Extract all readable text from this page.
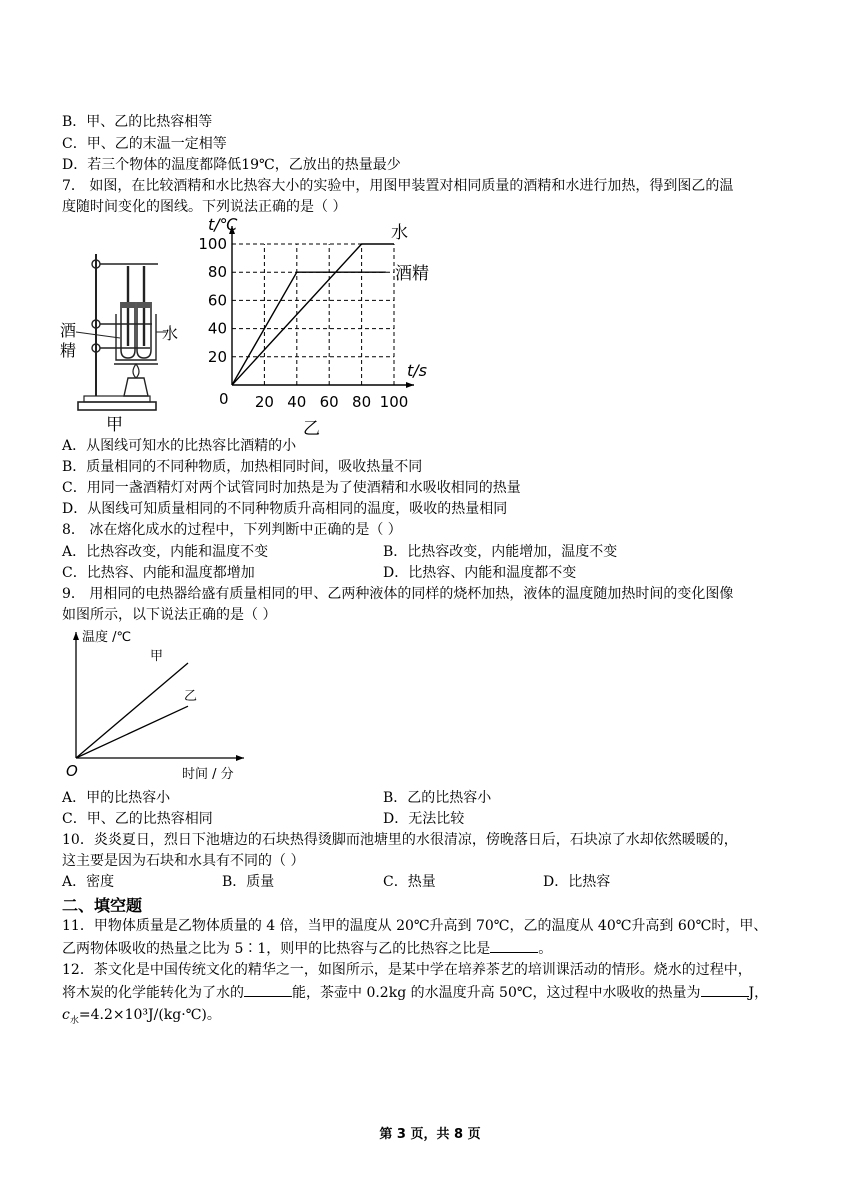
B．甲、乙的比热容相等
C．甲、乙的末温一定相等
D．若三个物体的温度都降低19℃，乙放出的热量最少
7． 如图，在比较酒精和水比热容大小的实验中，用图甲装置对相同质量的酒精和水进行加热，得到图乙的温
度随时间变化的图线。下列说法正确的是（ ）
酒
精
水
甲
20 40 60 80 100
20
40
60
80
100
t/℃
t/s
0
乙
水
酒精
A．从图线可知水的比热容比酒精的小
B．质量相同的不同种物质，加热相同时间，吸收热量不同
C．用同一盏酒精灯对两个试管同时加热是为了使酒精和水吸收相同的热量
D．从图线可知质量相同的不同种物质升高相同的温度，吸收的热量相同
8． 冰在熔化成水的过程中，下列判断中正确的是（ ）
A．比热容改变，内能和温度不变	B．比热容改变，内能增加，温度不变
C．比热容、内能和温度都增加	D．比热容、内能和温度都不变
9． 用相同的电热器给盛有质量相同的甲、乙两种液体的同样的烧杯加热，液体的温度随加热时间的变化图像
如图所示，以下说法正确的是（ ）
温度 /℃
时间 / 分
O
甲
乙
A．甲的比热容小	B．乙的比热容小
C．甲、乙的比热容相同	D．无法比较
10．炎炎夏日，烈日下池塘边的石块热得烫脚而池塘里的水很清凉，傍晚落日后，石块凉了水却依然暖暖的，
这主要是因为石块和水具有不同的（ ）
A．密度	B．质量	C．热量	D．比热容
二、填空题
11．甲物体质量是乙物体质量的 4 倍，当甲的温度从 20℃升高到 70℃，乙的温度从 40℃升高到 60℃时，甲、
乙两物体吸收的热量之比为 5∶1，则甲的比热容与乙的比热容之比是	。
12．茶文化是中国传统文化的精华之一，如图所示，是某中学在培养茶艺的培训课活动的情形。烧水的过程中，
将木炭的化学能转化为了水的	能，茶壶中 0.2kg 的水温度升高 50℃，这过程中水吸收的热量为	J，
$c_水=4.2\times 10^3J/(kg\cdot℃)$。
第 3 页，共 8 页
